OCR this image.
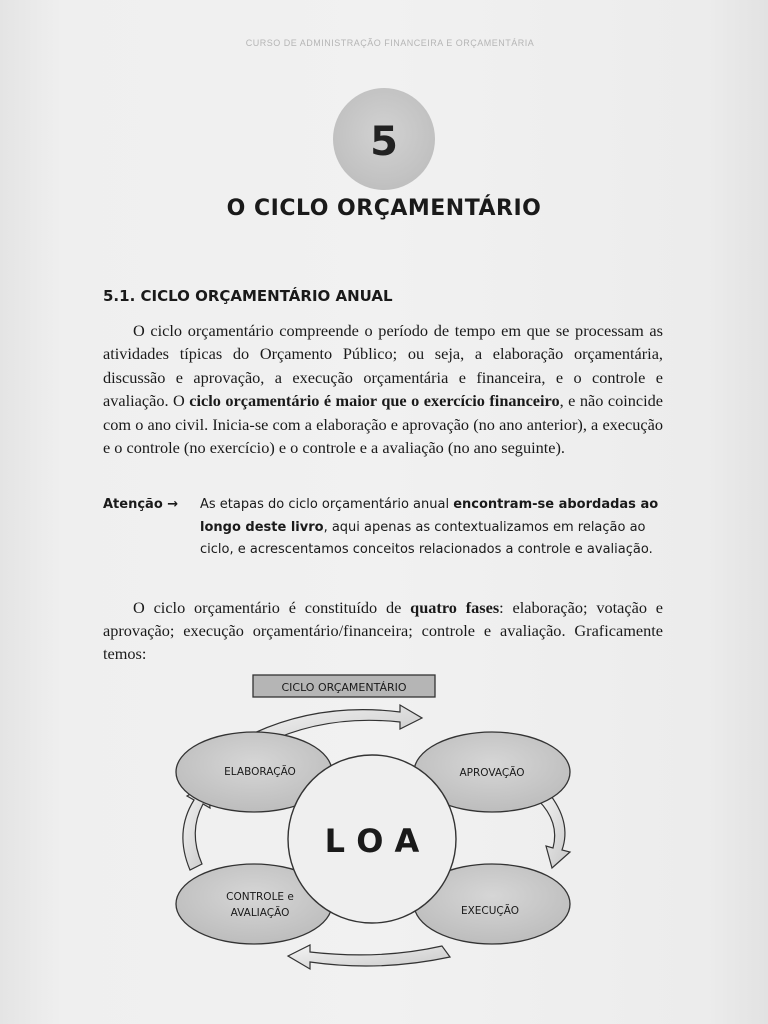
CURSO DE ADMINISTRAÇÃO FINANCEIRA E ORÇAMENTÁRIA
5
O CICLO ORÇAMENTÁRIO
5.1. CICLO ORÇAMENTÁRIO ANUAL
O ciclo orçamentário compreende o período de tempo em que se processam as atividades típicas do Orçamento Público; ou seja, a elaboração orçamentária, discussão e aprovação, a execução orçamentária e financeira, e o controle e avaliação. O ciclo orçamentário é maior que o exercício financeiro, e não coincide com o ano civil. Inicia-se com a elaboração e aprovação (no ano anterior), a execução e o controle (no exercício) e o controle e a avaliação (no ano seguinte).
Atenção → As etapas do ciclo orçamentário anual encontram-se abordadas ao longo deste livro, aqui apenas as contextualizamos em relação ao ciclo, e acrescentamos conceitos relacionados a controle e avaliação.
O ciclo orçamentário é constituído de quatro fases: elaboração; votação e aprovação; execução orçamentário/financeira; controle e avaliação. Graficamente temos:
CICLO ORÇAMENTÁRIO
L O A
ELABORAÇÃO	APROVAÇÃO
EXECUÇÃO
CONTROLE e
AVALIAÇÃO
